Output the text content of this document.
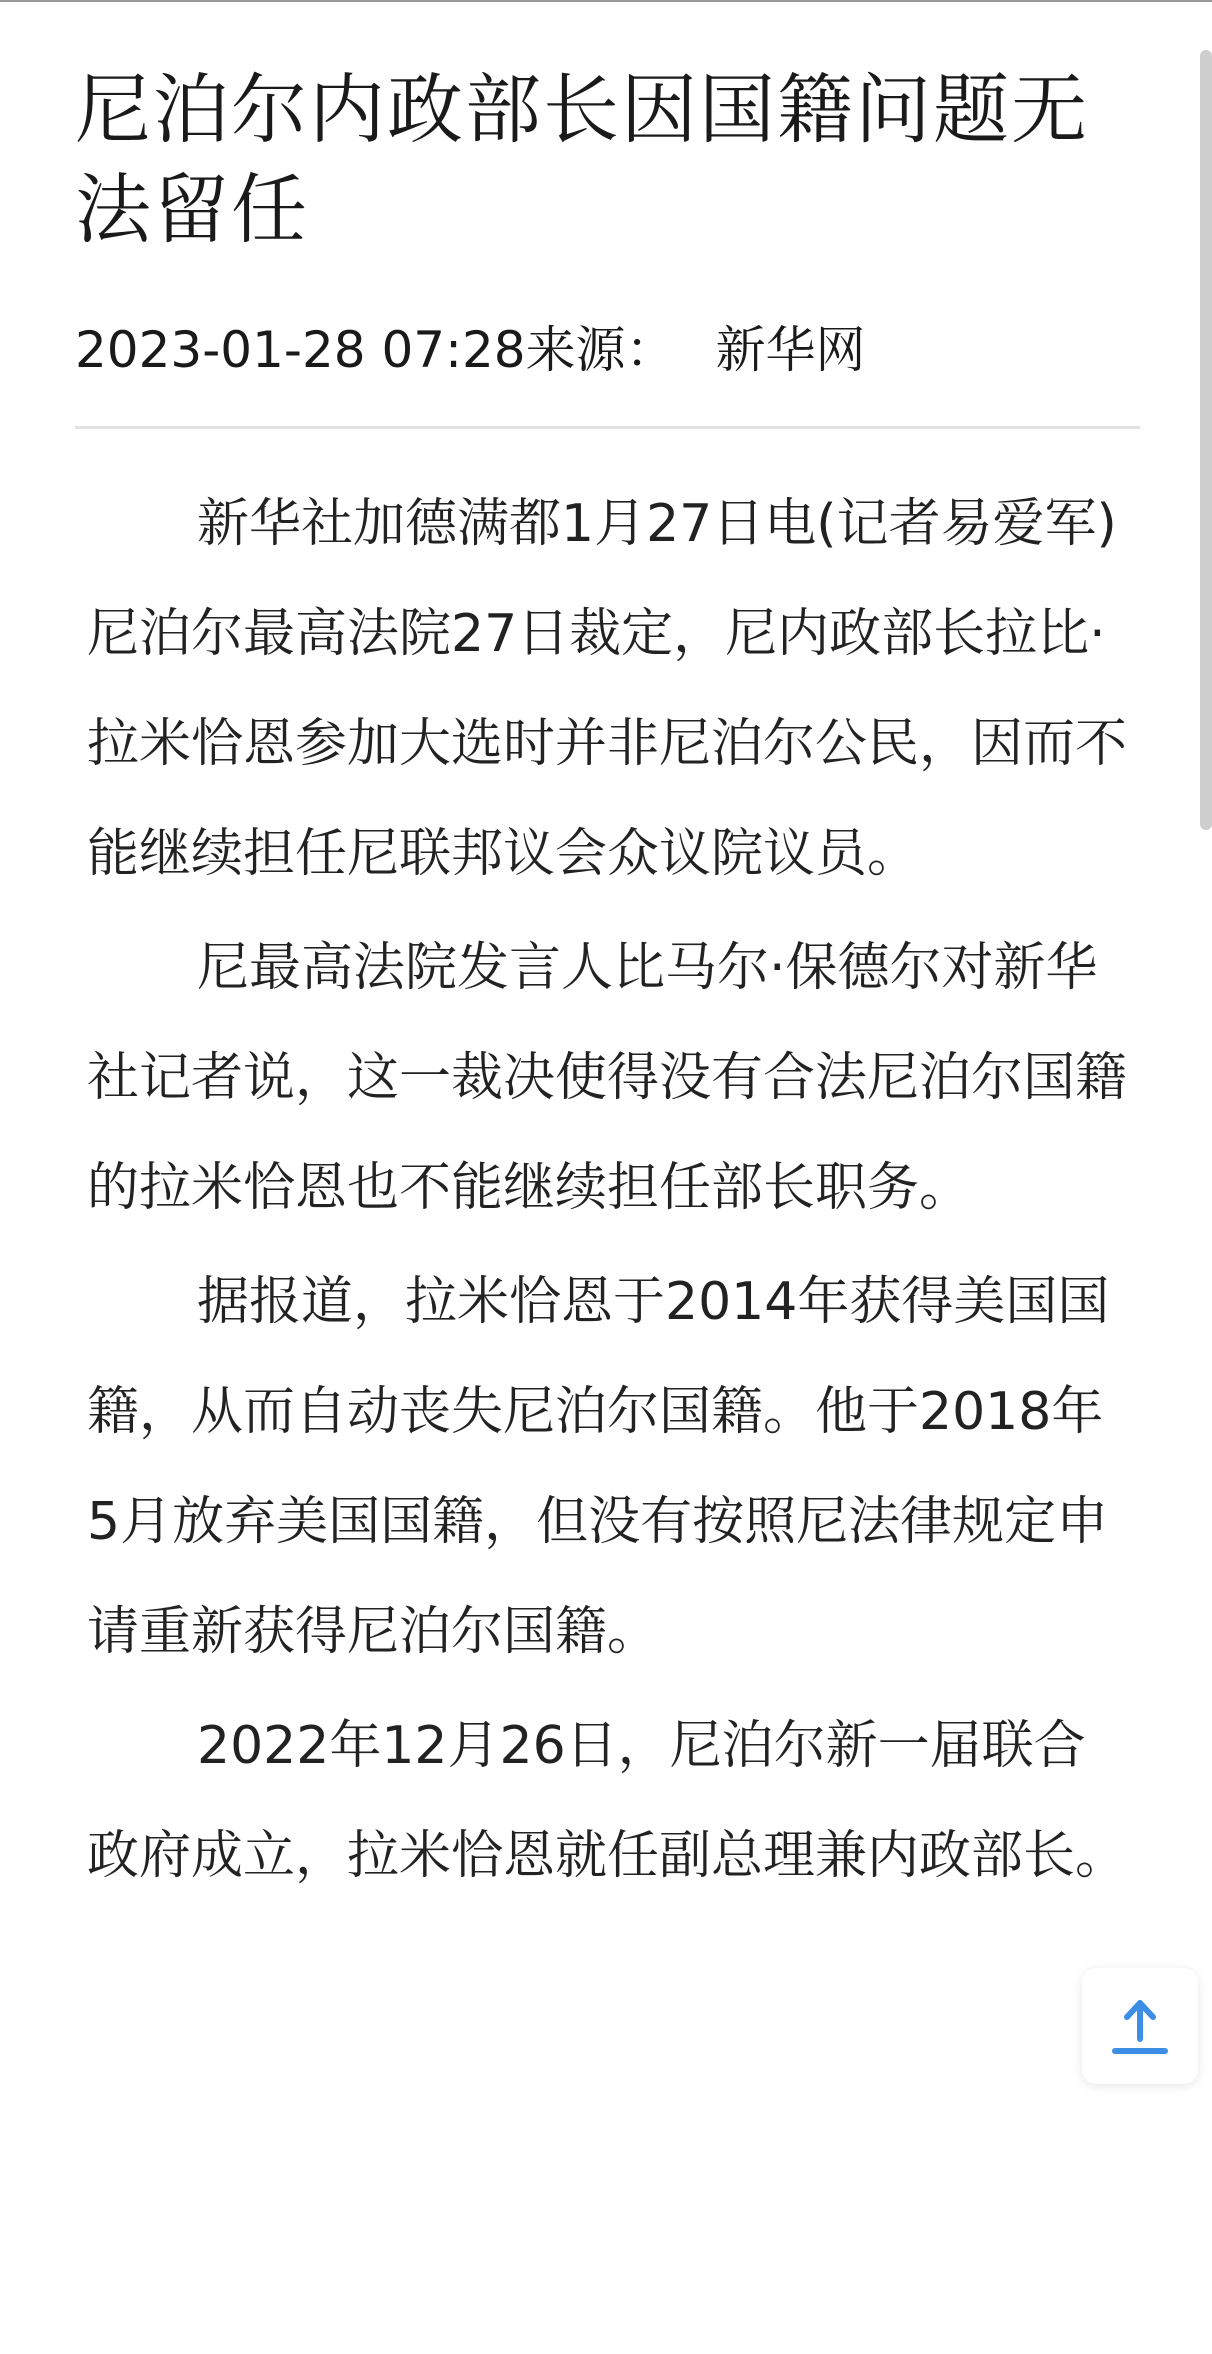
尼泊尔内政部长因国籍问题无法留任
2023-01-28 07:28来源： 新华网

新华社加德满都1月27日电(记者易爱军)尼泊尔最高法院27日裁定，尼内政部长拉比·拉米恰恩参加大选时并非尼泊尔公民，因而不能继续担任尼联邦议会众议院议员。

尼最高法院发言人比马尔·保德尔对新华社记者说，这一裁决使得没有合法尼泊尔国籍的拉米恰恩也不能继续担任部长职务。

据报道，拉米恰恩于2014年获得美国国籍，从而自动丧失尼泊尔国籍。他于2018年5月放弃美国国籍，但没有按照尼法律规定申请重新获得尼泊尔国籍。

2022年12月26日，尼泊尔新一届联合政府成立，拉米恰恩就任副总理兼内政部长。
